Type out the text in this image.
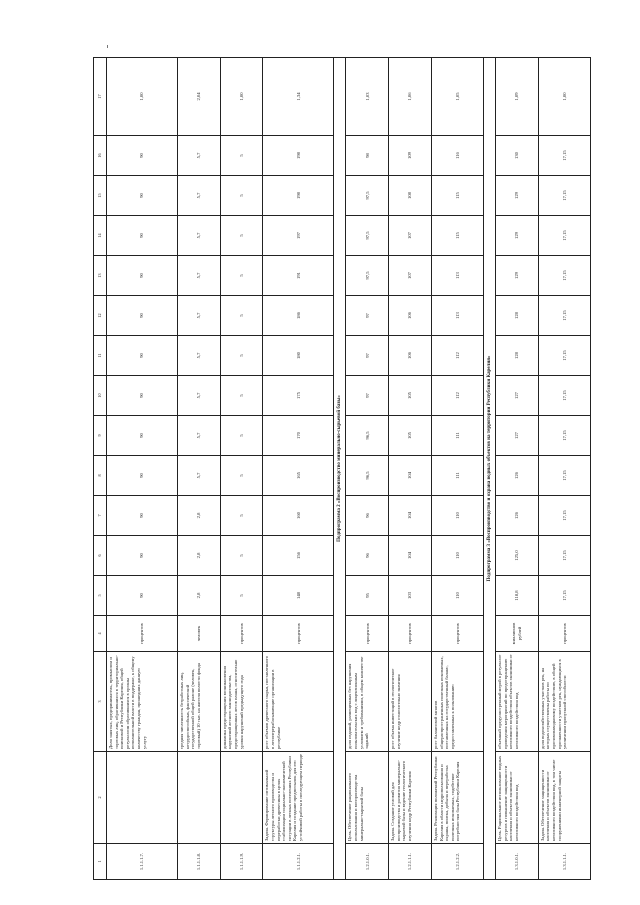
1	2	3	4	5	6	7	8	9	10	11	12	13	14	15	16	17
1.1.1.1.7.		Доля занятых, предприниматель, промыслом и торговых лиц, обратившихся в территориально-поисковой и Республики Карелия, общей результатом обратившихся в органы исполнительной власти в поддержке, к общему количеству граждан, прошедших данную услугу	процентов	90	90	90	90	90	90	90	90	90	90	90	90	1,00
1.1.1.1.8.		средняя численность безработных лиц, нетрудоспособных, фактической государственной общей ралоне (человек, торговый) 10 тыс. на жителя волости фонда	человек	2,8	2,8	2,8	5,7	5,7	5,7	5,7	5,7	5,7	5,7	5,7	5,7	2,04
1.1.1.1.9.		динамика предотвращения возникновения нарушений лесного законодательства, предотвращенных лесов плана, относительно уровня нарушений предыдущего года	процентов	5	5	5	5	5	5	5	5	5	5	5	5	1,00
1.1.1.2.1.	Задача. Формирование оптимальной структуры лесного производства и переработки древесины в целях стабилизации социально-экономической ситуации в лесных поселениях Республики Карелия и создание предпосылок для его устойчивой работы в последующем периоде	рост объемов древесного сырья, поставленного в лесоперерабатывающие организации в республике	процентов	148	156	160	165	170	175	180	186	191	197	198	198	1,34
Подпрограмма 2 «Воспроизводство минерально-сырьевой базы»																
1.2.1.0.1.	Цель. Обеспечение рационального использования и воспроизводства минерально-сырьевой базы	доля изданий, размещенных без нарушения пользовательских вод с лицензионным условием и требованиями, в общем количестве заданий	процентов	95	96	96	96,5	96,5	97	97	97	97,5	97,5	97,5	98	1,03
1.2.1.1.1.	Задача. Создание условий для воспроизводства и развития минерально-сырьевой базы и ведение геологического изучения недр Республики Карелия	рост объема инвестиций в геологическое изучение недр относительно значения	процентов	103	104	104	104	105	105	106	106	107	107	108	109	1,06
1.2.1.2.2.	Задача. Реализация положений Республики Карелия в области недропользования и охраны, поиска, добыча и переработка полезных ископаемых, содействие потребностям базы Республики Карелия	рост балансовой запасов общераспространенных полезных ископаемых, поставленных на государственный баланс, предоставленных к пользованию	процентов	110	110	110	111	111	112	112	113	113	115	115	116	1,05
Подпрограмма 3 «Воспроизводство и охрана водных объектов на территории Республики Карелия»																
1.3.1.0.1.	Цель. Рациональное использование водных ресурсов и повышение защищенности населения и объектов экономики от негативного воздействия вод	объемный предусмотренный мерой в результате проведения мероприятий по предотвращению негативного воздействия объектов экономики от негативного воздействия вод	миллионов рублей	118,8	125,0	126	126	127	127	128	128	129	129	129	130	1,09
1.3.1.1.1.	Задача. Обеспечение защищенности населения и объектов экономики от негативного воздействия вод, в том числе сооружениями инженерной защиты	доля водохозяйственных участков рек, на которых осуществлены работы по противопаводковому воздействию, в общей протяженности участков рек, нуждающихся в увеличении пропускной способности	процентов	17,15	17,15	17,15	17,15	17,15	17,15	17,15	17,15	17,15	17,15	17,15	17,15	1,00
